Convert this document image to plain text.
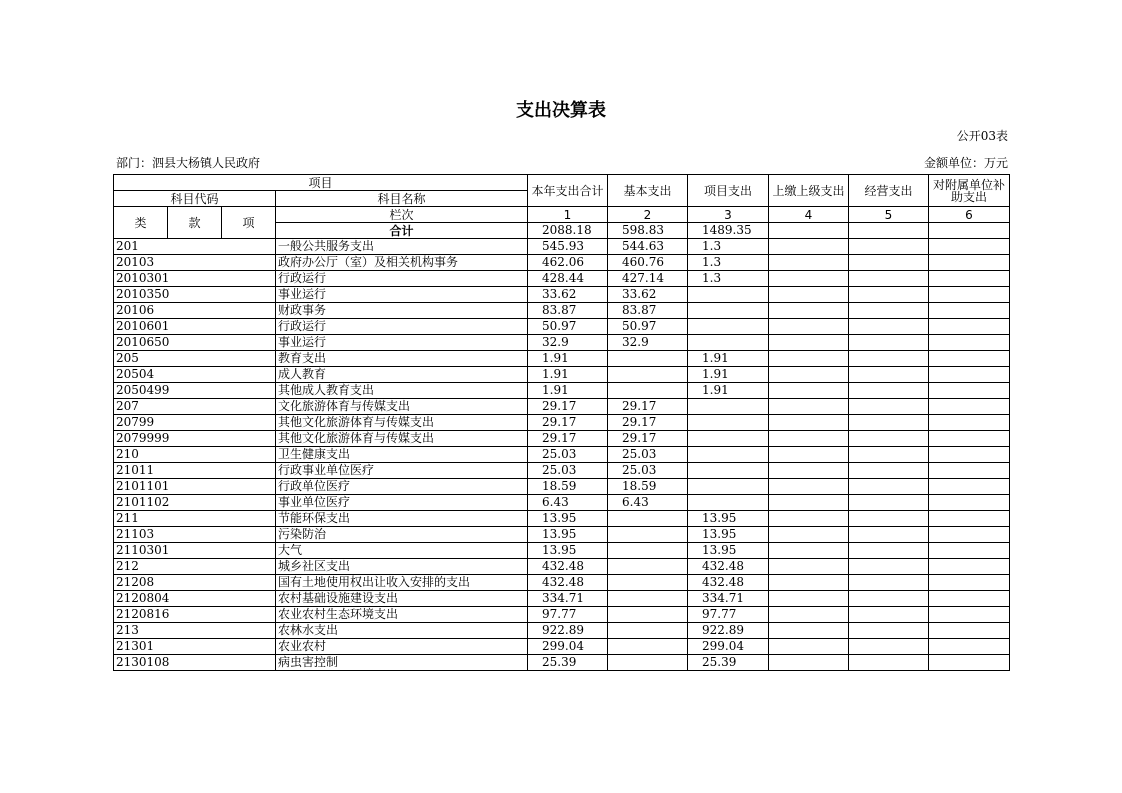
支出决算表
公开03表
部门：泗县大杨镇人民政府	金额单位：万元
项目				本年支出合计	基本支出	项目支出	上缴上级支出	经营支出	对附属单位补助支出
科目代码			科目名称						
类	款	项	栏次	1	2	3	4	5	6
			合计	2088.18	598.83	1489.35			
201			一般公共服务支出	545.93	544.63	1.3			
20103			政府办公厅（室）及相关机构事务	462.06	460.76	1.3			
2010301			行政运行	428.44	427.14	1.3			
2010350			事业运行	33.62	33.62				
20106			财政事务	83.87	83.87				
2010601			行政运行	50.97	50.97				
2010650			事业运行	32.9	32.9				
205			教育支出	1.91		1.91			
20504			成人教育	1.91		1.91			
2050499			其他成人教育支出	1.91		1.91			
207			文化旅游体育与传媒支出	29.17	29.17				
20799			其他文化旅游体育与传媒支出	29.17	29.17				
2079999			其他文化旅游体育与传媒支出	29.17	29.17				
210			卫生健康支出	25.03	25.03				
21011			行政事业单位医疗	25.03	25.03				
2101101			行政单位医疗	18.59	18.59				
2101102			事业单位医疗	6.43	6.43				
211			节能环保支出	13.95		13.95			
21103			污染防治	13.95		13.95			
2110301			大气	13.95		13.95			
212			城乡社区支出	432.48		432.48			
21208			国有土地使用权出让收入安排的支出	432.48		432.48			
2120804			农村基础设施建设支出	334.71		334.71			
2120816			农业农村生态环境支出	97.77		97.77			
213			农林水支出	922.89		922.89			
21301			农业农村	299.04		299.04			
2130108			病虫害控制	25.39		25.39			
